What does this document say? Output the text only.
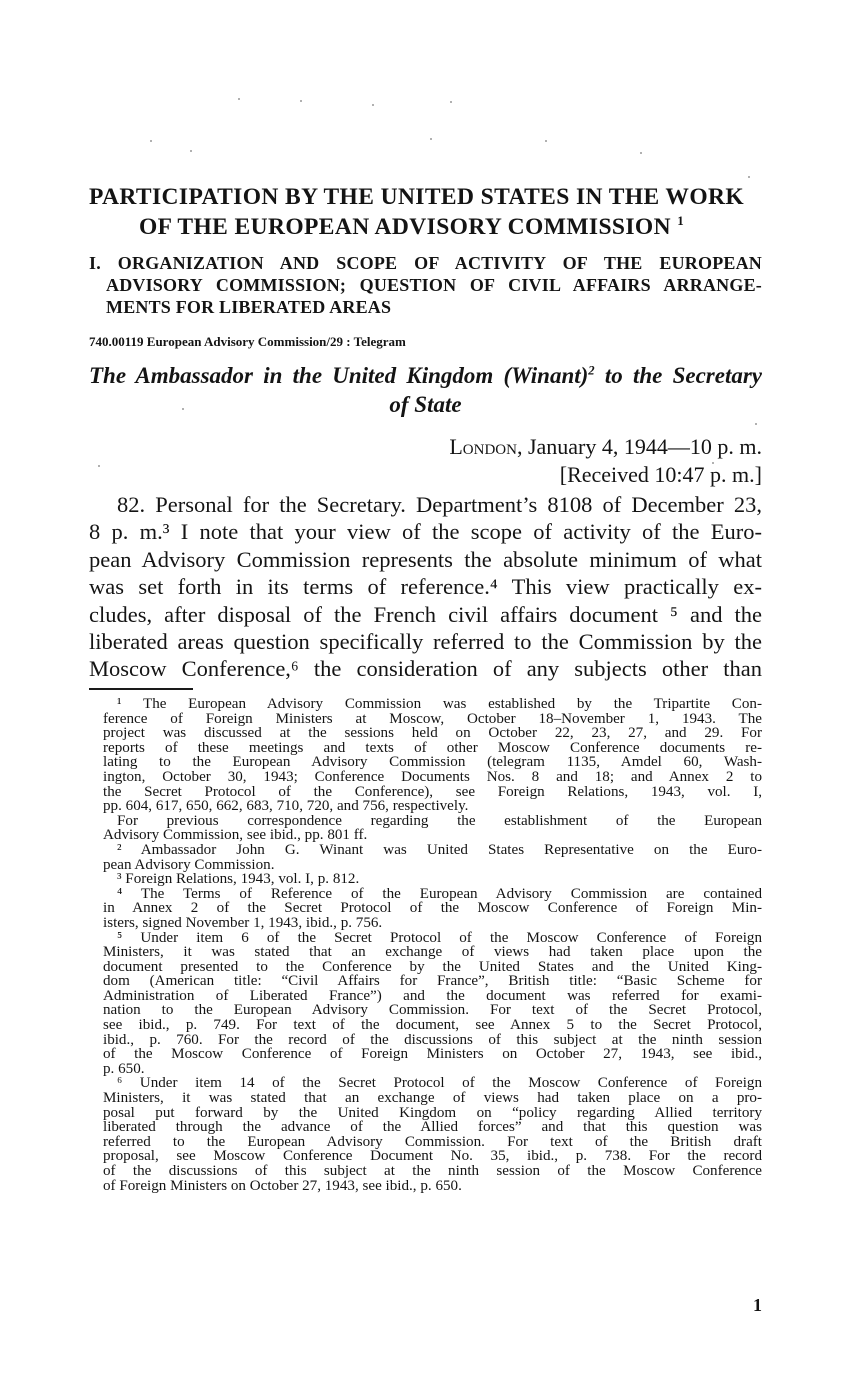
PARTICIPATION BY THE UNITED STATES IN THE WORK
OF THE EUROPEAN ADVISORY COMMISSION $^1$
I. ORGANIZATION AND SCOPE OF ACTIVITY OF THE EUROPEAN
ADVISORY COMMISSION; QUESTION OF CIVIL AFFAIRS ARRANGE-
MENTS FOR LIBERATED AREAS
740.00119 European Advisory Commission/29 : Telegram
The Ambassador in the United Kingdom (Winant)$^2$ to the Secretary
of State
London, January 4, 1944—10 p. m.
[Received 10:47 p. m.]
82. Personal for the Secretary. Department’s 8108 of December 23,
8 p. m.³ I note that your view of the scope of activity of the Euro-
pean Advisory Commission represents the absolute minimum of what
was set forth in its terms of reference.⁴ This view practically ex-
cludes, after disposal of the French civil affairs document ⁵ and the
liberated areas question specifically referred to the Commission by the
Moscow Conference,⁶ the consideration of any subjects other than
¹ The European Advisory Commission was established by the Tripartite Con-
ference of Foreign Ministers at Moscow, October 18–November 1, 1943. The
project was discussed at the sessions held on October 22, 23, 27, and 29. For
reports of these meetings and texts of other Moscow Conference documents re-
lating to the European Advisory Commission (telegram 1135, Amdel 60, Wash-
ington, October 30, 1943; Conference Documents Nos. 8 and 18; and Annex 2 to
the Secret Protocol of the Conference), see Foreign Relations, 1943, vol. I,
pp. 604, 617, 650, 662, 683, 710, 720, and 756, respectively.
For previous correspondence regarding the establishment of the European
Advisory Commission, see ibid., pp. 801 ff.
² Ambassador John G. Winant was United States Representative on the Euro-
pean Advisory Commission.
³ Foreign Relations, 1943, vol. I, p. 812.
⁴ The Terms of Reference of the European Advisory Commission are contained
in Annex 2 of the Secret Protocol of the Moscow Conference of Foreign Min-
isters, signed November 1, 1943, ibid., p. 756.
⁵ Under item 6 of the Secret Protocol of the Moscow Conference of Foreign
Ministers, it was stated that an exchange of views had taken place upon the
document presented to the Conference by the United States and the United King-
dom (American title: “Civil Affairs for France”, British title: “Basic Scheme for
Administration of Liberated France”) and the document was referred for exami-
nation to the European Advisory Commission. For text of the Secret Protocol,
see ibid., p. 749. For text of the document, see Annex 5 to the Secret Protocol,
ibid., p. 760. For the record of the discussions of this subject at the ninth session
of the Moscow Conference of Foreign Ministers on October 27, 1943, see ibid.,
p. 650.
⁶ Under item 14 of the Secret Protocol of the Moscow Conference of Foreign
Ministers, it was stated that an exchange of views had taken place on a pro-
posal put forward by the United Kingdom on “policy regarding Allied territory
liberated through the advance of the Allied forces” and that this question was
referred to the European Advisory Commission. For text of the British draft
proposal, see Moscow Conference Document No. 35, ibid., p. 738. For the record
of the discussions of this subject at the ninth session of the Moscow Conference
of Foreign Ministers on October 27, 1943, see ibid., p. 650.
1
